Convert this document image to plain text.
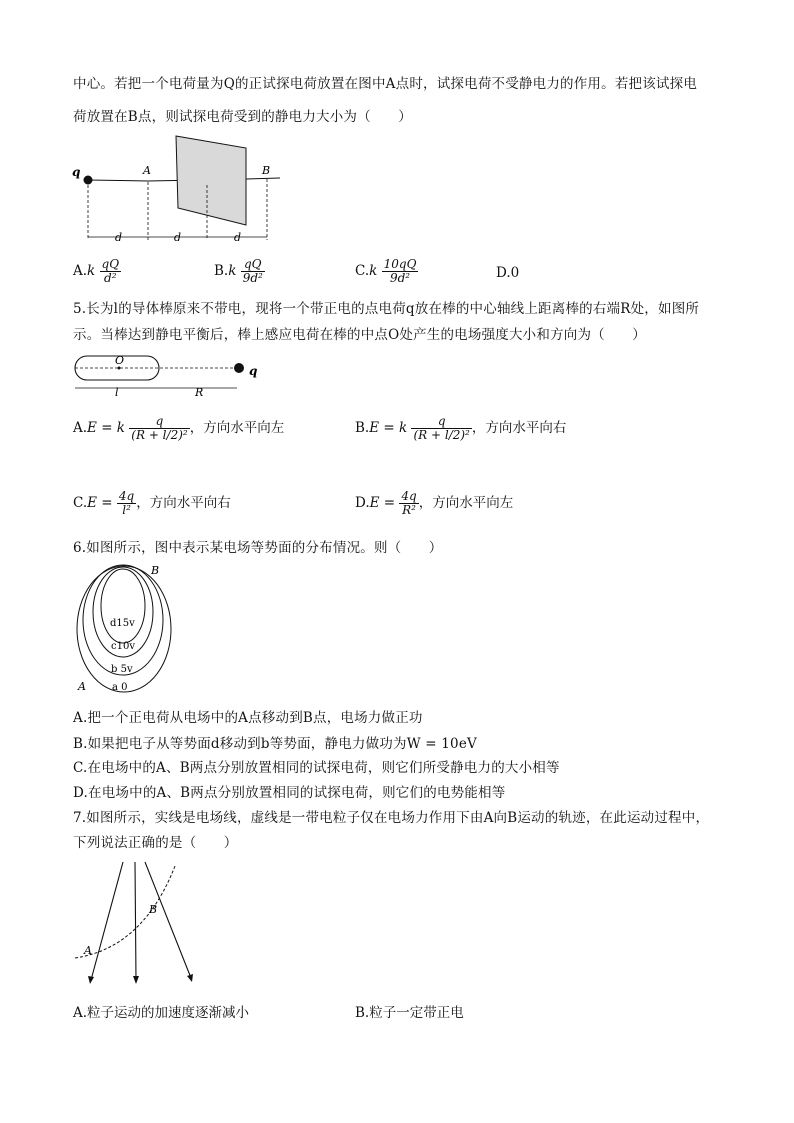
中心。若把一个电荷量为Q的正试探电荷放置在图中A点时，试探电荷不受静电力的作用。若把该试探电
荷放置在B点，则试探电荷受到的静电力大小为（　　）
q	A	B
d	d	d
$A.k \frac{qQ}{\text{d²}}$	$B.k \frac{qQ}{\text{9d²}}$	$C.k \frac{10qQ}{\text{9d²}}$	D.0
5.长为l的导体棒原来不带电，现将一个带正电的点电荷q放在棒的中心轴线上距离棒的右端R处，如图所
示。当棒达到静电平衡后，棒上感应电荷在棒的中点O处产生的电场强度大小和方向为（　　）
O
q
l	R
A.E = k $\frac{q}{\text{(R + l/2)²}}$ ，方向水平向左	B.E = k $\frac{q}{\text{(R + l/2)²}}$ ，方向水平向右
$C.E = \frac{4q}{\text{l²}}$ ，方向水平向右	$D.E = \frac{4q}{\text{R²}}$ ，方向水平向左
6.如图所示，图中表示某电场等势面的分布情况。则（　　）
B
A
d15v
c10v
b 5v
a 0
A.把一个正电荷从电场中的A点移动到B点，电场力做正功
B.如果把电子从等势面d移动到b等势面，静电力做功为W = 10eV
C.在电场中的A、B两点分别放置相同的试探电荷，则它们所受静电力的大小相等
D.在电场中的A、B两点分别放置相同的试探电荷，则它们的电势能相等
7.如图所示，实线是电场线，虚线是一带电粒子仅在电场力作用下由A向B运动的轨迹，在此运动过程中，
下列说法正确的是（　　）
A
B
A.粒子运动的加速度逐渐减小	B.粒子一定带正电
